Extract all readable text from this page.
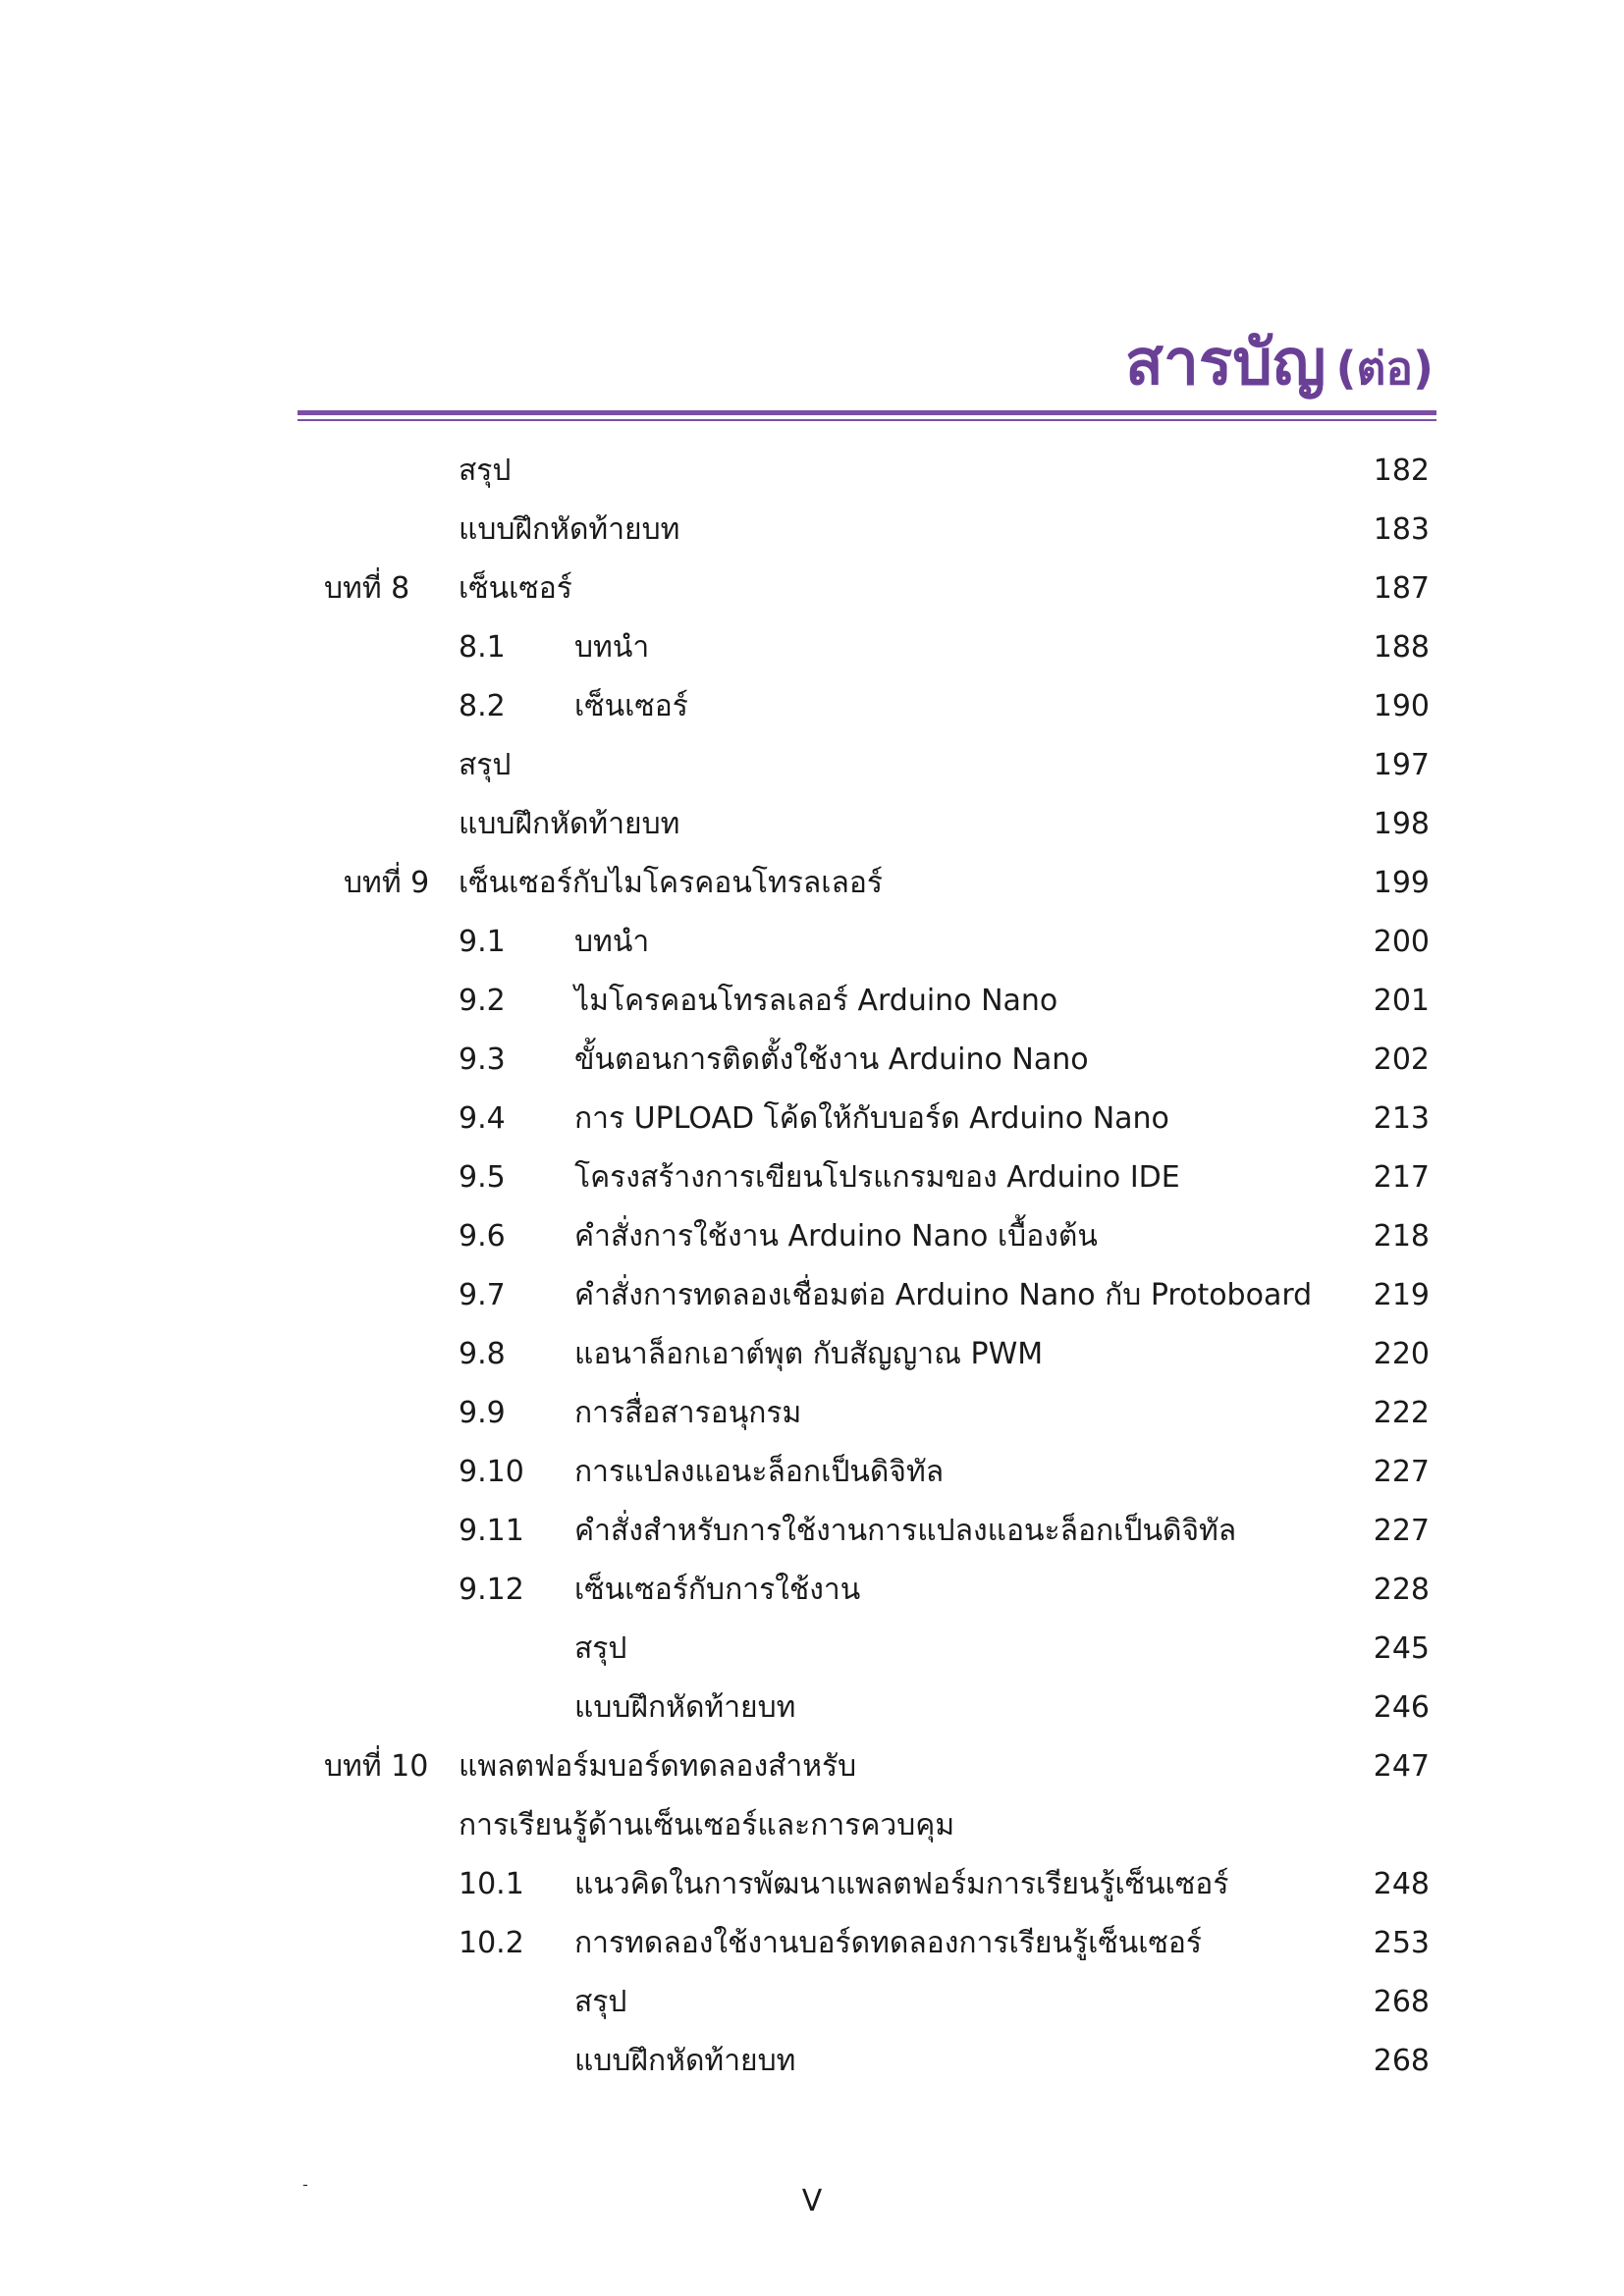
สารบัญ (ต่อ)
สรุป	182
แบบฝึกหัดท้ายบท	183
บทที่ 8 เซ็นเซอร์	187
8.1 บทนำ	188
8.2 เซ็นเซอร์	190
สรุป	197
แบบฝึกหัดท้ายบท	198
บทที่ 9 เซ็นเซอร์กับไมโครคอนโทรลเลอร์	199
9.1 บทนำ	200
9.2 ไมโครคอนโทรลเลอร์ Arduino Nano	201
9.3 ขั้นตอนการติดตั้งใช้งาน Arduino Nano	202
9.4 การ UPLOAD โค้ดให้กับบอร์ด Arduino Nano	213
9.5 โครงสร้างการเขียนโปรแกรมของ Arduino IDE	217
9.6 คำสั่งการใช้งาน Arduino Nano เบื้องต้น	218
9.7 คำสั่งการทดลองเชื่อมต่อ Arduino Nano กับ Protoboard 219
9.8 แอนาล็อกเอาต์พุต กับสัญญาณ PWM	220
9.9 การสื่อสารอนุกรม	222
9.10 การแปลงแอนะล็อกเป็นดิจิทัล	227
9.11 คำสั่งสำหรับการใช้งานการแปลงแอนะล็อกเป็นดิจิทัล	227
9.12 เซ็นเซอร์กับการใช้งาน	228
สรุป	245
แบบฝึกหัดท้ายบท	246
บทที่ 10 แพลตฟอร์มบอร์ดทดลองสำหรับ	247
การเรียนรู้ด้านเซ็นเซอร์และการควบคุม
10.1 แนวคิดในการพัฒนาแพลตฟอร์มการเรียนรู้เซ็นเซอร์	248
10.2 การทดลองใช้งานบอร์ดทดลองการเรียนรู้เซ็นเซอร์	253
สรุป	268
แบบฝึกหัดท้ายบท	268
-	V
